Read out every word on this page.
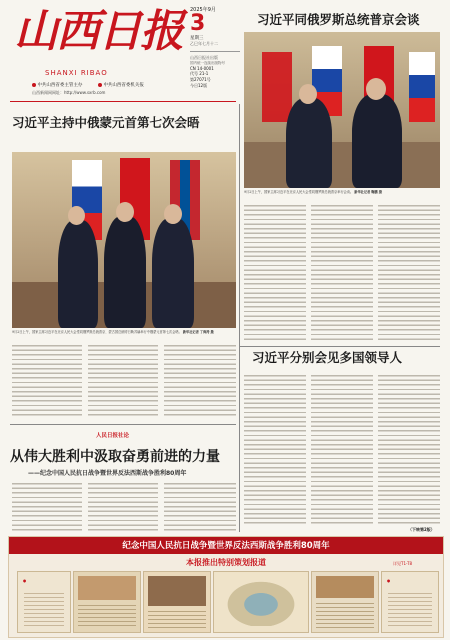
山西日报
SHANXI RIBAO
中共山西省委主管主办	中共山西省委机关报
山西新闻网网址：http://www.sxrb.com
2025年9月
3
星期三
乙巳年七月十二
山西日报社出版
国内统一连续出版物号
CN 14-0001
代号 21-1
第27071号
今日12版
习近平同俄罗斯总统普京会谈
9月2日上午，国家主席习近平在北京人民大会堂同俄罗斯总统普京举行会谈。 新华社记者 鞠鹏 摄
习近平分别会见多国领导人
（下转第2版）
习近平主持中俄蒙元首第七次会晤
9月2日上午，国家主席习近平在北京人民大会堂同俄罗斯总统普京、蒙古国总统呼日勒苏赫举行中俄蒙元首第七次会晤。 新华社记者 丁海涛 摄
人民日报社论
从伟大胜利中汲取奋勇前进的力量
——纪念中国人民抗日战争暨世界反法西斯战争胜利80周年
纪念中国人民抗日战争暨世界反法西斯战争胜利80周年
本报推出特别策划报道	详见T1-T8
•	•
